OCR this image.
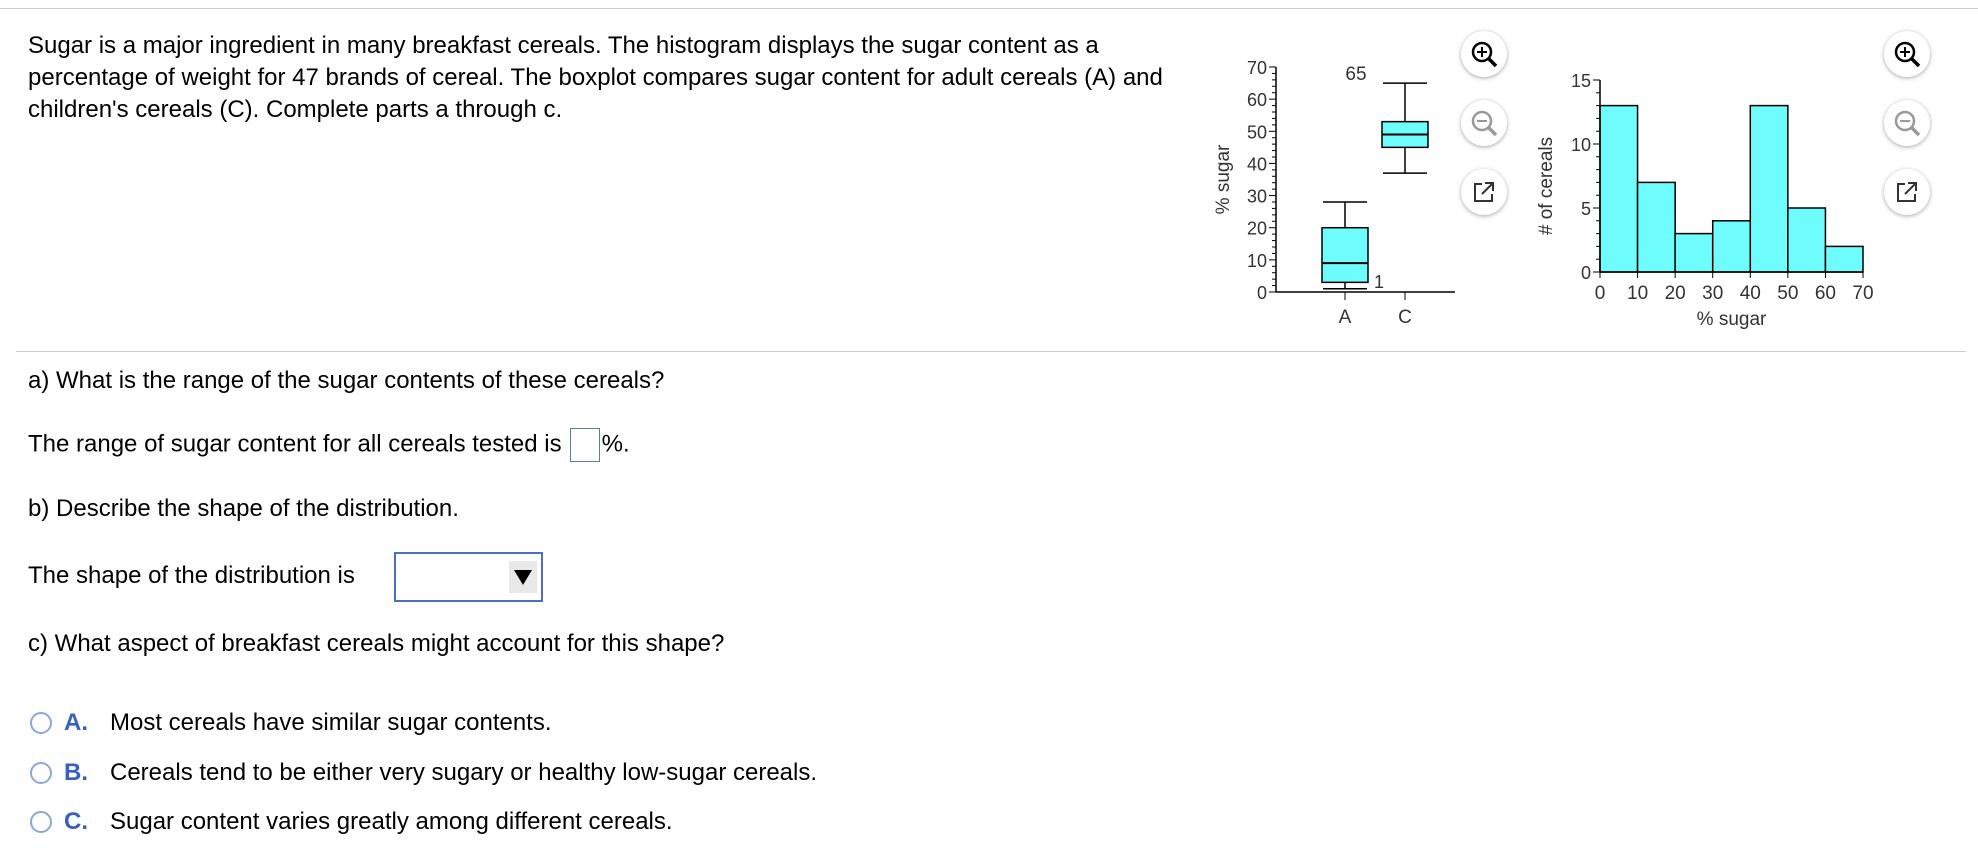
Sugar is a major ingredient in many breakfast cereals. The histogram displays the sugar content as a percentage of weight for 47 brands of cereal. The boxplot compares sugar content for adult cereals (A) and children's cereals (C). Complete parts a through c.
0
10
20
30
40
50
60
70
% sugar
A C
1
65
0
5
10
15
0 10 20 30 40 50 60 70
% sugar
# of cereals
a) What is the range of the sugar contents of these cereals?
The range of sugar content for all cereals tested is %.
b) Describe the shape of the distribution.
The shape of the distribution is
c) What aspect of breakfast cereals might account for this shape?
A. Most cereals have similar sugar contents.
B. Cereals tend to be either very sugary or healthy low-sugar cereals.
C. Sugar content varies greatly among different cereals.
